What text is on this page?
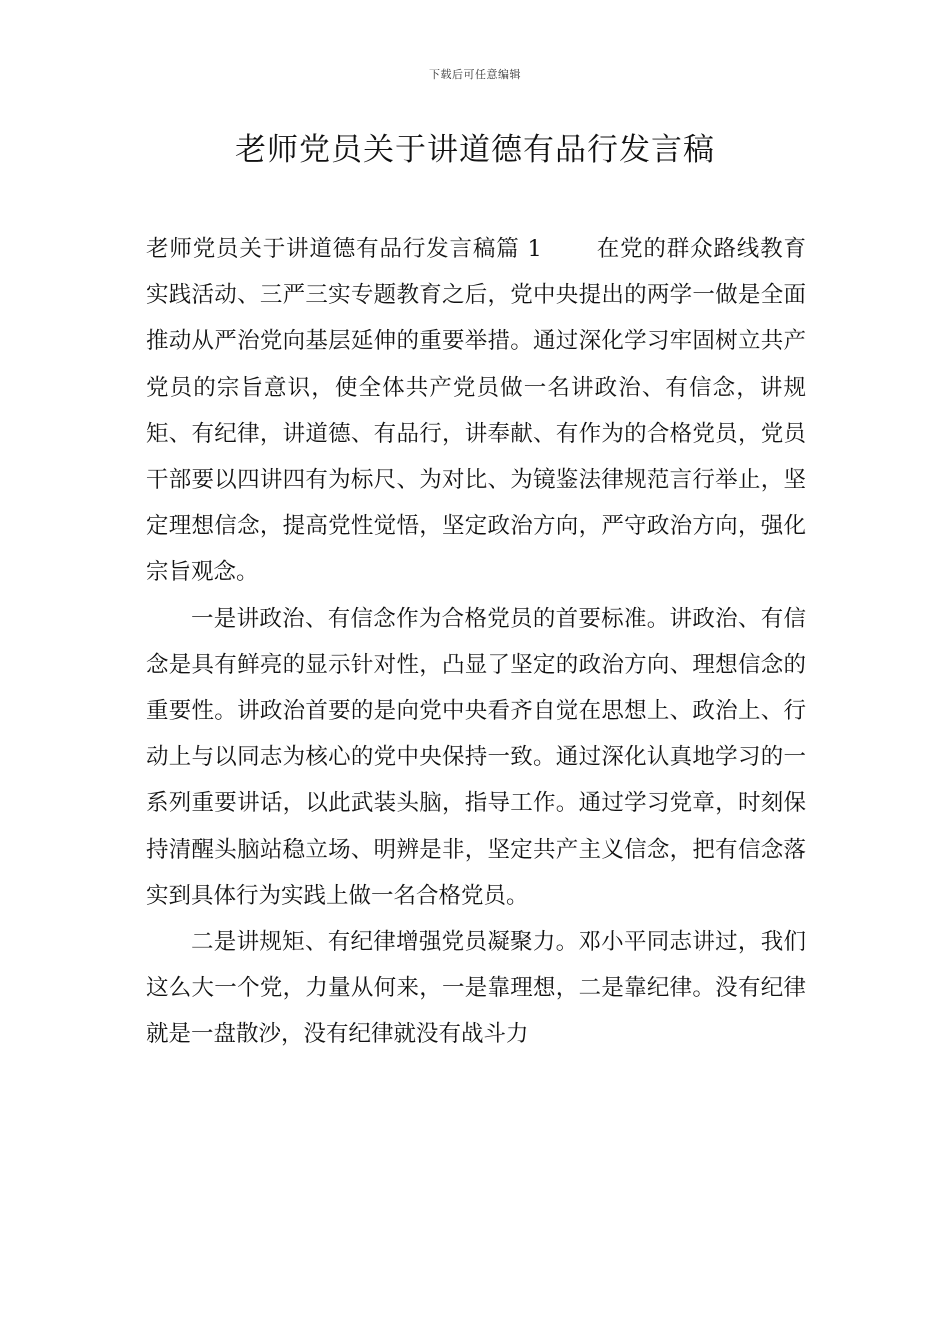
下载后可任意编辑
老师党员关于讲道德有品行发言稿

老师党员关于讲道德有品行发言稿篇 1 在党的群众路线教育实践活动、三严三实专题教育之后，党中央提出的两学一做是全面推动从严治党向基层延伸的重要举措。通过深化学习牢固树立共产党员的宗旨意识，使全体共产党员做一名讲政治、有信念，讲规矩、有纪律，讲道德、有品行，讲奉献、有作为的合格党员，党员干部要以四讲四有为标尺、为对比、为镜鉴法律规范言行举止，坚定理想信念，提高党性觉悟，坚定政治方向，严守政治方向，强化宗旨观念。

一是讲政治、有信念作为合格党员的首要标准。讲政治、有信念是具有鲜亮的显示针对性，凸显了坚定的政治方向、理想信念的重要性。讲政治首要的是向党中央看齐自觉在思想上、政治上、行动上与以同志为核心的党中央保持一致。通过深化认真地学习的一系列重要讲话，以此武装头脑，指导工作。通过学习党章，时刻保持清醒头脑站稳立场、明辨是非，坚定共产主义信念，把有信念落实到具体行为实践上做一名合格党员。

二是讲规矩、有纪律增强党员凝聚力。邓小平同志讲过，我们这么大一个党，力量从何来，一是靠理想，二是靠纪律。没有纪律就是一盘散沙，没有纪律就没有战斗力
